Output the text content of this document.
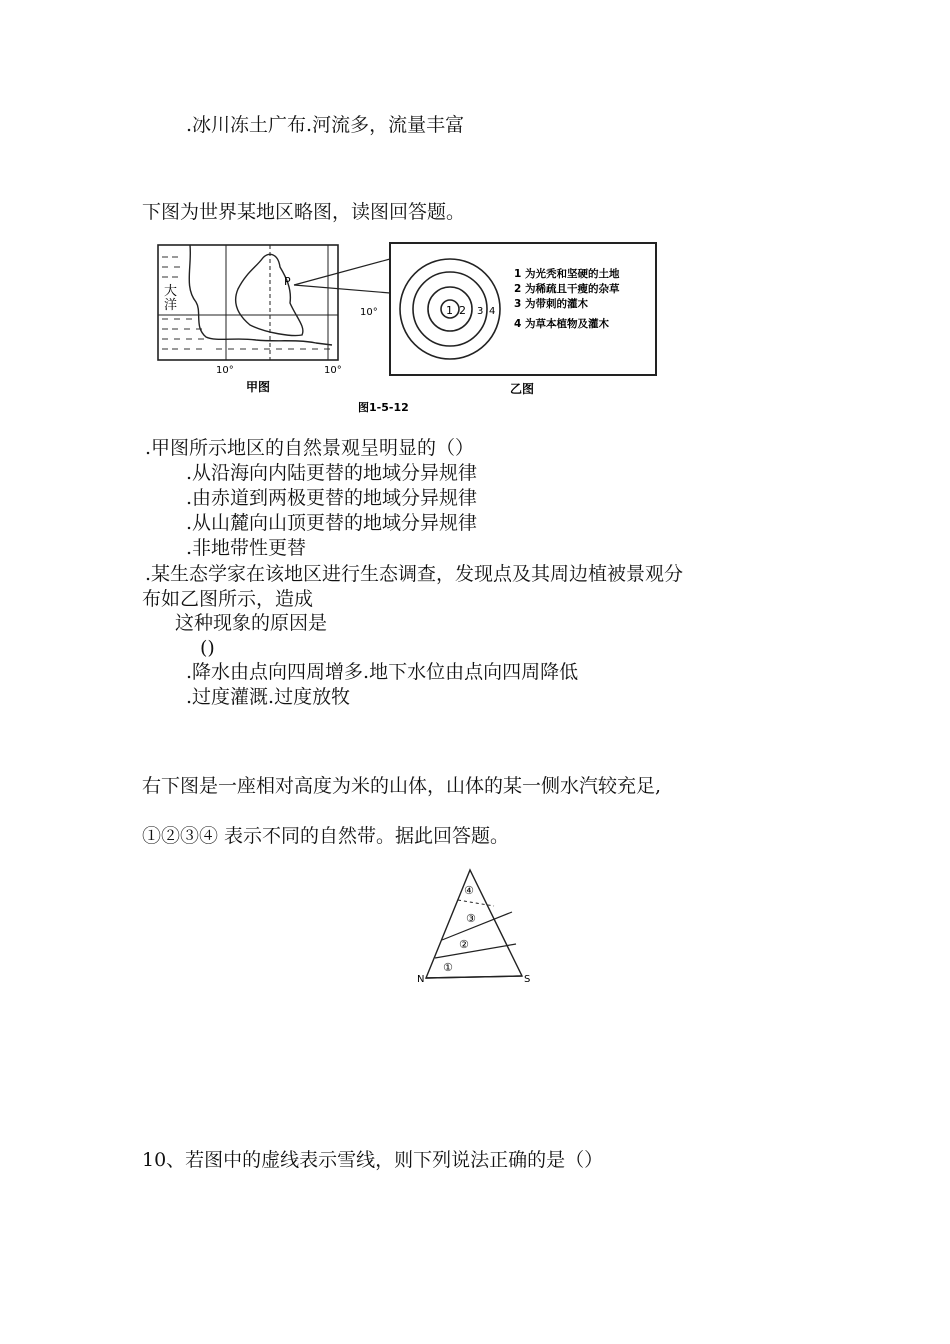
.冰川冻土广布.河流多，流量丰富
下图为世界某地区略图，读图回答题。
大
洋
P
10°
10°	10°
甲图
1 2 3 4
1 为光秃和坚硬的土地
2 为稀疏且干瘦的杂草
3 为带刺的灌木
4 为草本植物及灌木
乙图
图1-5-12
.甲图所示地区的自然景观呈明显的（）
.从沿海向内陆更替的地域分异规律
.由赤道到两极更替的地域分异规律
.从山麓向山顶更替的地域分异规律
.非地带性更替
.某生态学家在该地区进行生态调查，发现点及其周边植被景观分
布如乙图所示，造成
这种现象的原因是
()
.降水由点向四周增多.地下水位由点向四周降低
.过度灌溉.过度放牧
右下图是一座相对高度为米的山体，山体的某一侧水汽较充足,
①②③④ 表示不同的自然带。据此回答题。
④
③
②
①
N	S
10、若图中的虚线表示雪线，则下列说法正确的是（）
